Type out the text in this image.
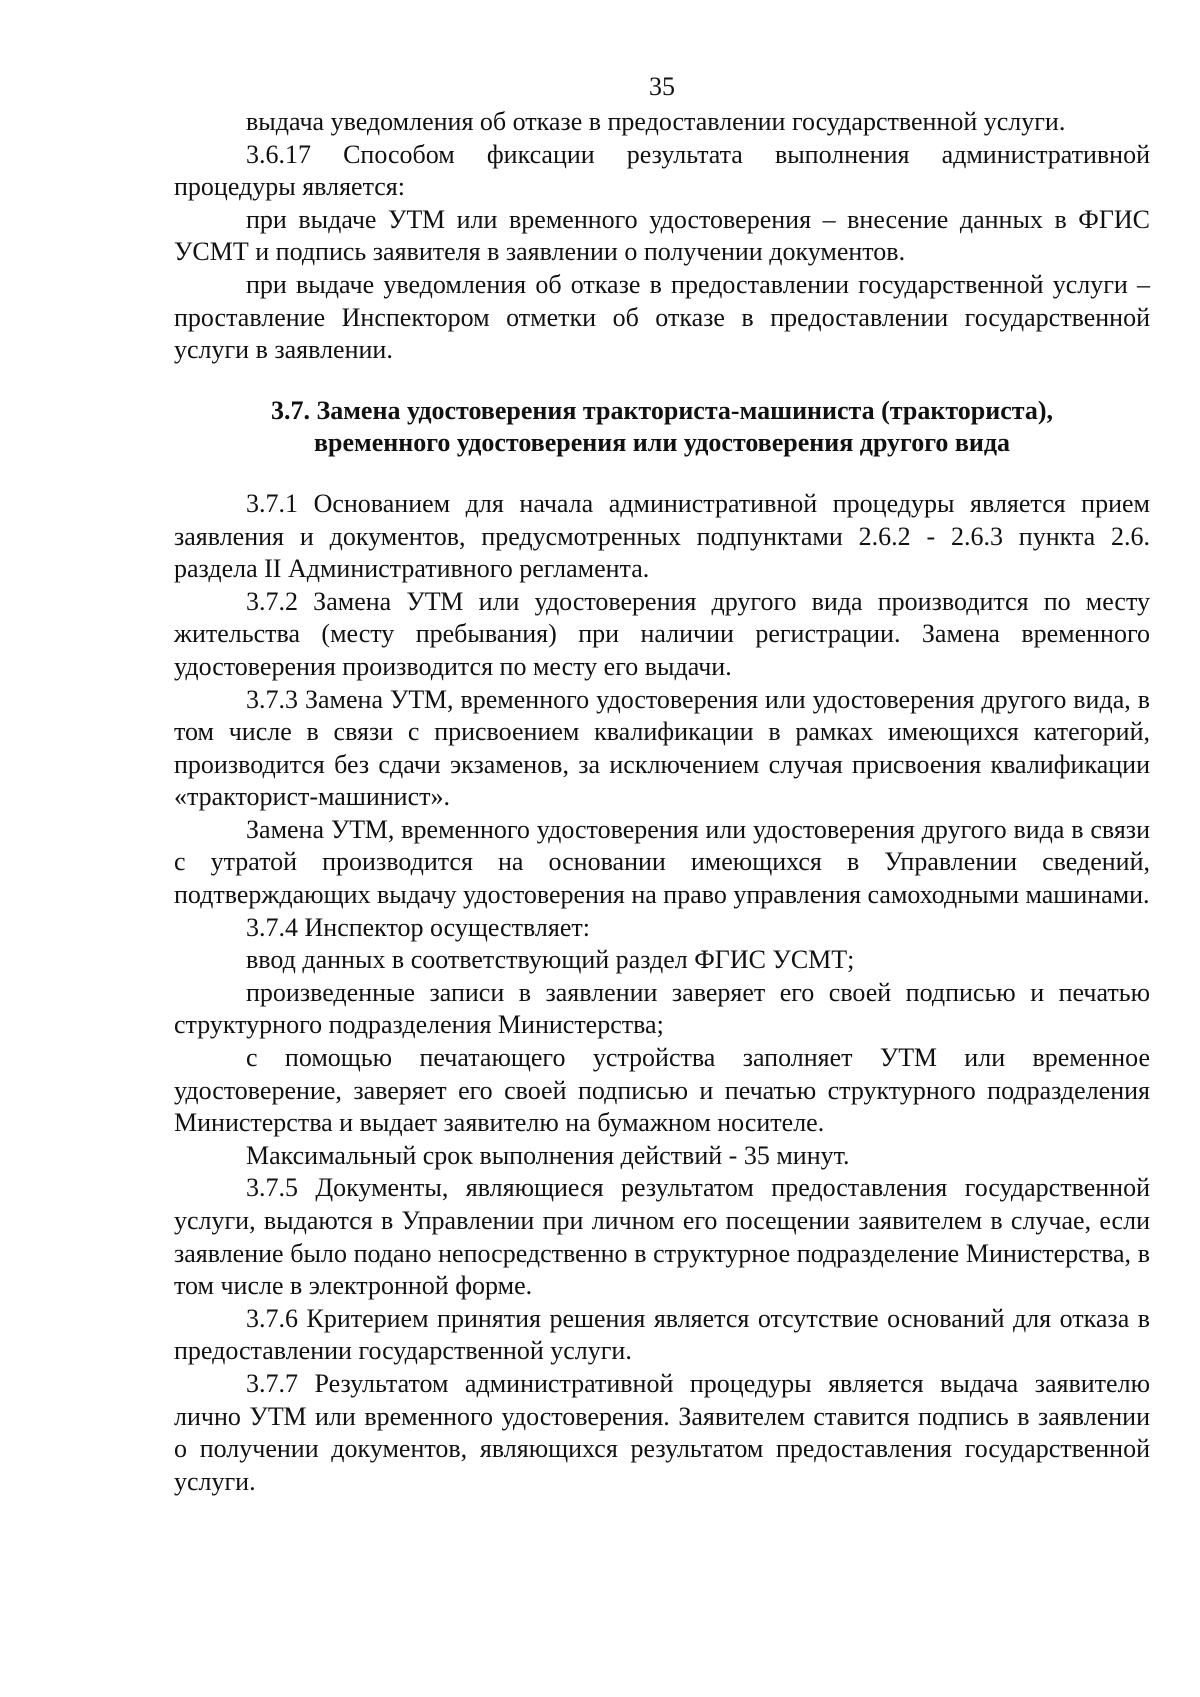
35

выдача уведомления об отказе в предоставлении государственной услуги.

3.6.17 Способом фиксации результата выполнения административной процедуры является:

при выдаче УТМ или временного удостоверения – внесение данных в ФГИС УСМТ и подпись заявителя в заявлении о получении документов.

при выдаче уведомления об отказе в предоставлении государственной услуги – проставление Инспектором отметки об отказе в предоставлении государственной услуги в заявлении.

3.7. Замена удостоверения тракториста-машиниста (тракториста),
временного удостоверения или удостоверения другого вида

3.7.1 Основанием для начала административной процедуры является прием заявления и документов, предусмотренных подпунктами 2.6.2 - 2.6.3 пункта 2.6. раздела II Административного регламента.

3.7.2 Замена УТМ или удостоверения другого вида производится по месту жительства (месту пребывания) при наличии регистрации. Замена временного удостоверения производится по месту его выдачи.

3.7.3 Замена УТМ, временного удостоверения или удостоверения другого вида, в том числе в связи с присвоением квалификации в рамках имеющихся категорий, производится без сдачи экзаменов, за исключением случая присвоения квалификации «тракторист-машинист».

Замена УТМ, временного удостоверения или удостоверения другого вида в связи с утратой производится на основании имеющихся в Управлении сведений, подтверждающих выдачу удостоверения на право управления самоходными машинами.

3.7.4 Инспектор осуществляет:

ввод данных в соответствующий раздел ФГИС УСМТ;

произведенные записи в заявлении заверяет его своей подписью и печатью структурного подразделения Министерства;

с помощью печатающего устройства заполняет УТМ или временное удостоверение, заверяет его своей подписью и печатью структурного подразделения Министерства и выдает заявителю на бумажном носителе.

Максимальный срок выполнения действий - 35 минут.

3.7.5 Документы, являющиеся результатом предоставления государственной услуги, выдаются в Управлении при личном его посещении заявителем в случае, если заявление было подано непосредственно в структурное подразделение Министерства, в том числе в электронной форме.

3.7.6 Критерием принятия решения является отсутствие оснований для отказа в предоставлении государственной услуги.

3.7.7 Результатом административной процедуры является выдача заявителю лично УТМ или временного удостоверения. Заявителем ставится подпись в заявлении о получении документов, являющихся результатом предоставления государственной услуги.
